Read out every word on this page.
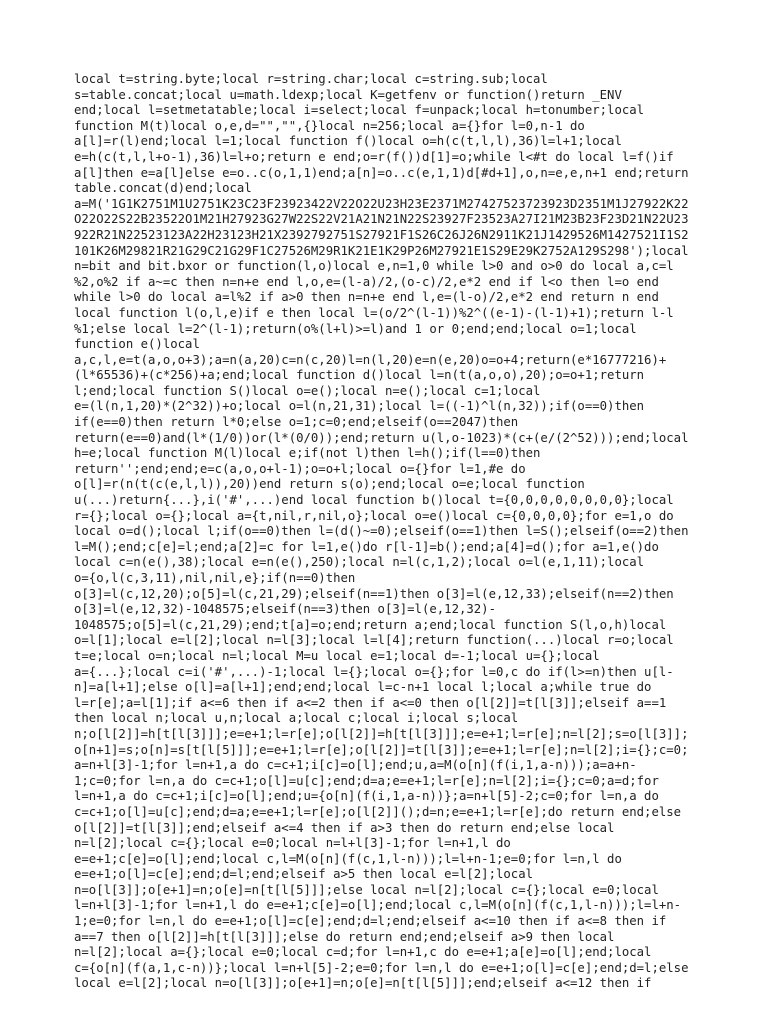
local t=string.byte;local r=string.char;local c=string.sub;local
s=table.concat;local u=math.ldexp;local K=getfenv or function()return _ENV
end;local l=setmetatable;local i=select;local f=unpack;local h=tonumber;local
function M(t)local o,e,d="","",{}local n=256;local a={}for l=0,n-1 do
a[l]=r(l)end;local l=1;local function f()local o=h(c(t,l,l),36)l=l+1;local
e=h(c(t,l,l+o-1),36)l=l+o;return e end;o=r(f())d[1]=o;while l<#t do local l=f()if
a[l]then e=a[l]else e=o..c(o,1,1)end;a[n]=o..c(e,1,1)d[#d+1],o,n=e,e,n+1 end;return
table.concat(d)end;local
a=M('1G1K2751M1U2751K23C23F23923422V22O22U23H23E2371M27427523723923D2351M1J27922K22
O22O22S22B23522O1M21H27923G27W22S22V21A21N21N22S23927F23523A27I21M23B23F23D21N22U23
922R21N22523123A22H23123H21X2392792751S27921F1S26C26J26N2911K21J1429526M1427521I1S2
101K26M29821R21G29C21G29F1C27526M29R1K21E1K29P26M27921E1S29E29K2752A129S298');local
n=bit and bit.bxor or function(l,o)local e,n=1,0 while l>0 and o>0 do local a,c=l
%2,o%2 if a~=c then n=n+e end l,o,e=(l-a)/2,(o-c)/2,e*2 end if l<o then l=o end
while l>0 do local a=l%2 if a>0 then n=n+e end l,e=(l-o)/2,e*2 end return n end
local function l(o,l,e)if e then local l=(o/2^(l-1))%2^((e-1)-(l-1)+1);return l-l
%1;else local l=2^(l-1);return(o%(l+l)>=l)and 1 or 0;end;end;local o=1;local
function e()local
a,c,l,e=t(a,o,o+3);a=n(a,20)c=n(c,20)l=n(l,20)e=n(e,20)o=o+4;return(e*16777216)+
(l*65536)+(c*256)+a;end;local function d()local l=n(t(a,o,o),20);o=o+1;return
l;end;local function S()local o=e();local n=e();local c=1;local
e=(l(n,1,20)*(2^32))+o;local o=l(n,21,31);local l=((-1)^l(n,32));if(o==0)then
if(e==0)then return l*0;else o=1;c=0;end;elseif(o==2047)then
return(e==0)and(l*(1/0))or(l*(0/0));end;return u(l,o-1023)*(c+(e/(2^52)));end;local
h=e;local function M(l)local e;if(not l)then l=h();if(l==0)then
return'';end;end;e=c(a,o,o+l-1);o=o+l;local o={}for l=1,#e do
o[l]=r(n(t(c(e,l,l)),20))end return s(o);end;local o=e;local function
u(...)return{...},i('#',...)end local function b()local t={0,0,0,0,0,0,0,0};local
r={};local o={};local a={t,nil,r,nil,o};local o=e()local c={0,0,0,0};for e=1,o do
local o=d();local l;if(o==0)then l=(d()~=0);elseif(o==1)then l=S();elseif(o==2)then
l=M();end;c[e]=l;end;a[2]=c for l=1,e()do r[l-1]=b();end;a[4]=d();for a=1,e()do
local c=n(e(),38);local e=n(e(),250);local n=l(c,1,2);local o=l(e,1,11);local
o={o,l(c,3,11),nil,nil,e};if(n==0)then
o[3]=l(c,12,20);o[5]=l(c,21,29);elseif(n==1)then o[3]=l(e,12,33);elseif(n==2)then
o[3]=l(e,12,32)-1048575;elseif(n==3)then o[3]=l(e,12,32)-
1048575;o[5]=l(c,21,29);end;t[a]=o;end;return a;end;local function S(l,o,h)local
o=l[1];local e=l[2];local n=l[3];local l=l[4];return function(...)local r=o;local
t=e;local o=n;local n=l;local M=u local e=1;local d=-1;local u={};local
a={...};local c=i('#',...)-1;local l={};local o={};for l=0,c do if(l>=n)then u[l-
n]=a[l+1];else o[l]=a[l+1];end;end;local l=c-n+1 local l;local a;while true do
l=r[e];a=l[1];if a<=6 then if a<=2 then if a<=0 then o[l[2]]=t[l[3]];elseif a==1
then local n;local u,n;local a;local c;local i;local s;local
n;o[l[2]]=h[t[l[3]]];e=e+1;l=r[e];o[l[2]]=h[t[l[3]]];e=e+1;l=r[e];n=l[2];s=o[l[3]];
o[n+1]=s;o[n]=s[t[l[5]]];e=e+1;l=r[e];o[l[2]]=t[l[3]];e=e+1;l=r[e];n=l[2];i={};c=0;
a=n+l[3]-1;for l=n+1,a do c=c+1;i[c]=o[l];end;u,a=M(o[n](f(i,1,a-n)));a=a+n-
1;c=0;for l=n,a do c=c+1;o[l]=u[c];end;d=a;e=e+1;l=r[e];n=l[2];i={};c=0;a=d;for
l=n+1,a do c=c+1;i[c]=o[l];end;u={o[n](f(i,1,a-n))};a=n+l[5]-2;c=0;for l=n,a do
c=c+1;o[l]=u[c];end;d=a;e=e+1;l=r[e];o[l[2]]();d=n;e=e+1;l=r[e];do return end;else
o[l[2]]=t[l[3]];end;elseif a<=4 then if a>3 then do return end;else local
n=l[2];local c={};local e=0;local n=l+l[3]-1;for l=n+1,l do
e=e+1;c[e]=o[l];end;local c,l=M(o[n](f(c,1,l-n)));l=l+n-1;e=0;for l=n,l do
e=e+1;o[l]=c[e];end;d=l;end;elseif a>5 then local e=l[2];local
n=o[l[3]];o[e+1]=n;o[e]=n[t[l[5]]];else local n=l[2];local c={};local e=0;local
l=n+l[3]-1;for l=n+1,l do e=e+1;c[e]=o[l];end;local c,l=M(o[n](f(c,1,l-n)));l=l+n-
1;e=0;for l=n,l do e=e+1;o[l]=c[e];end;d=l;end;elseif a<=10 then if a<=8 then if
a==7 then o[l[2]]=h[t[l[3]]];else do return end;end;elseif a>9 then local
n=l[2];local a={};local e=0;local c=d;for l=n+1,c do e=e+1;a[e]=o[l];end;local
c={o[n](f(a,1,c-n))};local l=n+l[5]-2;e=0;for l=n,l do e=e+1;o[l]=c[e];end;d=l;else
local e=l[2];local n=o[l[3]];o[e+1]=n;o[e]=n[t[l[5]]];end;elseif a<=12 then if
